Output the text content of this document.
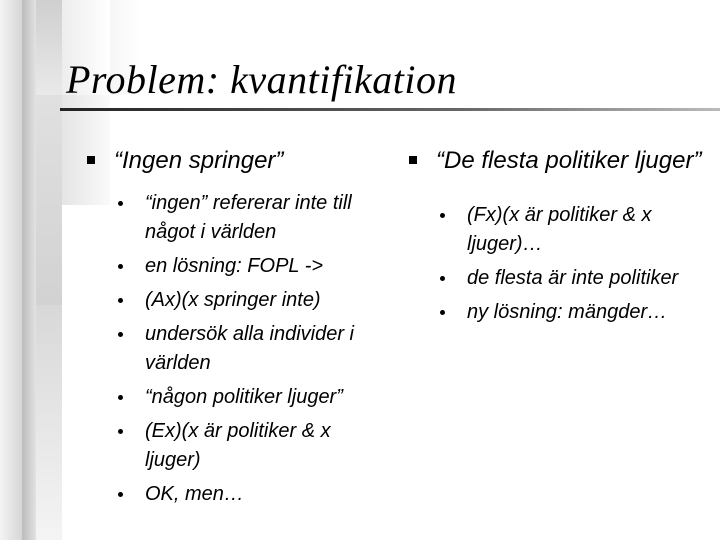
Problem: kvantifikation
“Ingen springer”
“ingen” refererar inte till något i världen
en lösning: FOPL ->
(Ax)(x springer inte)
undersök alla individer i världen
“någon politiker ljuger”
(Ex)(x är politiker & x ljuger)
OK, men…
“De flesta politiker ljuger”
(Fx)(x är politiker & x ljuger)…
de flesta är inte politiker
ny lösning: mängder…
